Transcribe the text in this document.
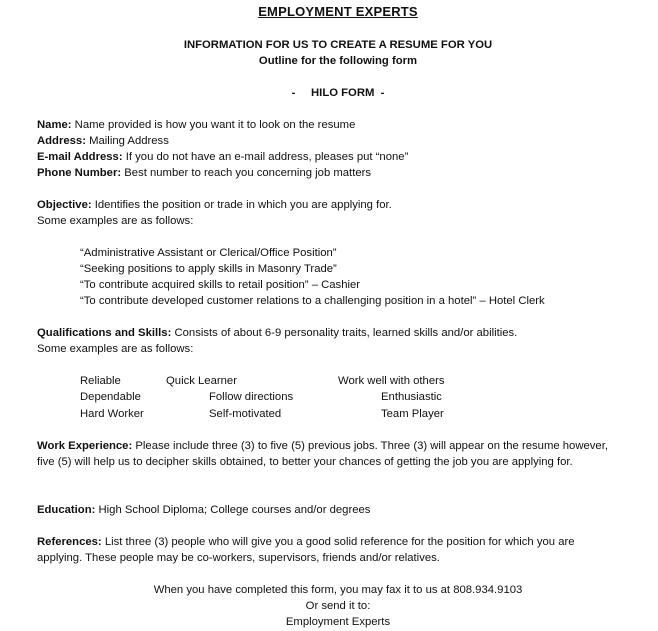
EMPLOYMENT EXPERTS
INFORMATION FOR US TO CREATE A RESUME FOR YOU
Outline for the following form
-     HILO FORM  -
Name: Name provided is how you want it to look on the resume
Address: Mailing Address
E-mail Address: If you do not have an e-mail address, pleases put “none”
Phone Number: Best number to reach you concerning job matters
Objective: Identifies the position or trade in which you are applying for.
Some examples are as follows:
“Administrative Assistant or Clerical/Office Position”
“Seeking positions to apply skills in Masonry Trade”
“To contribute acquired skills to retail position” – Cashier
“To contribute developed customer relations to a challenging position in a hotel” – Hotel Clerk
Qualifications and Skills: Consists of about 6-9 personality traits, learned skills and/or abilities.
Some examples are as follows:
Reliable	Quick Learner	Work well with others
Dependable	Follow directions	Enthusiastic
Hard Worker	Self-motivated	Team Player
Work Experience: Please include three (3) to five (5) previous jobs. Three (3) will appear on the resume however, five (5) will help us to decipher skills obtained, to better your chances of getting the job you are applying for.
Education: High School Diploma; College courses and/or degrees
References: List three (3) people who will give you a good solid reference for the position for which you are applying. These people may be co-workers, supervisors, friends and/or relatives.
When you have completed this form, you may fax it to us at 808.934.9103
Or send it to:
Employment Experts
